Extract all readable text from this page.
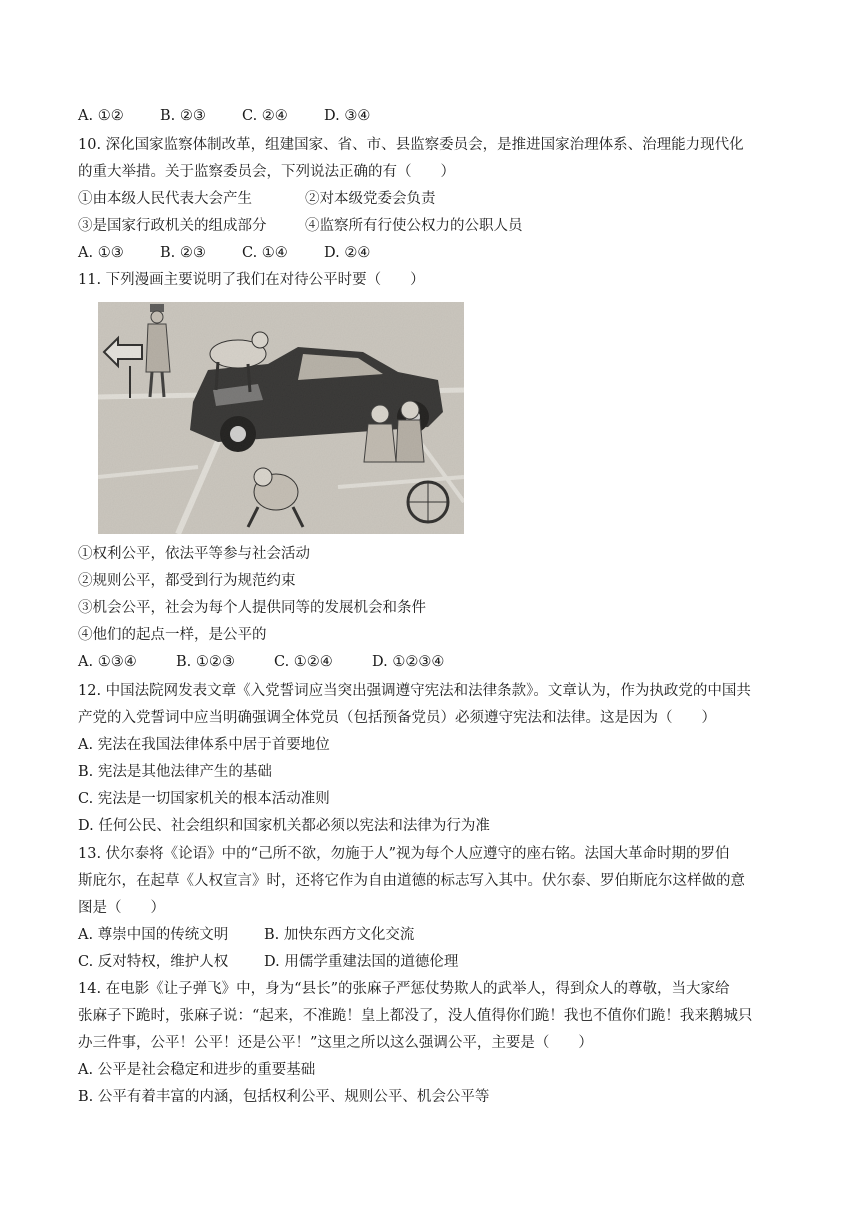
A. ①②	B. ②③ C. ②④ D. ③④
10. 深化国家监察体制改革，组建国家、省、市、县监察委员会，是推进国家治理体系、治理能力现代化
的重大举措。关于监察委员会，下列说法正确的有（　　）
①由本级人民代表大会产生	②对本级党委会负责
③是国家行政机关的组成部分	④监察所有行使公权力的公职人员
A. ①③	B. ②③ C. ①④ D. ②④
11. 下列漫画主要说明了我们在对待公平时要（　　）
①权利公平，依法平等参与社会活动
②规则公平，都受到行为规范约束
③机会公平，社会为每个人提供同等的发展机会和条件
④他们的起点一样，是公平的
A. ①③④	B. ①②③	C. ①②④	D. ①②③④
12. 中国法院网发表文章《入党誓词应当突出强调遵守宪法和法律条款》。文章认为，作为执政党的中国共
产党的入党誓词中应当明确强调全体党员（包括预备党员）必须遵守宪法和法律。这是因为（　　）
A. 宪法在我国法律体系中居于首要地位
B. 宪法是其他法律产生的基础
C. 宪法是一切国家机关的根本活动准则
D. 任何公民、社会组织和国家机关都必须以宪法和法律为行为准
13. 伏尔泰将《论语》中的“己所不欲，勿施于人”视为每个人应遵守的座右铭。法国大革命时期的罗伯
斯庇尔，在起草《人权宣言》时，还将它作为自由道德的标志写入其中。伏尔泰、罗伯斯庇尔这样做的意
图是（　　）
A. 尊崇中国的传统文明 B. 加快东西方文化交流
C. 反对特权，维护人权 D. 用儒学重建法国的道德伦理
14. 在电影《让子弹飞》中，身为“县长”的张麻子严惩仗势欺人的武举人，得到众人的尊敬，当大家给
张麻子下跪时，张麻子说：“起来，不准跪！皇上都没了，没人值得你们跪！我也不值你们跪！我来鹅城只
办三件事，公平！公平！还是公平！”这里之所以这么强调公平，主要是（　　）
A. 公平是社会稳定和进步的重要基础
B. 公平有着丰富的内涵，包括权利公平、规则公平、机会公平等
